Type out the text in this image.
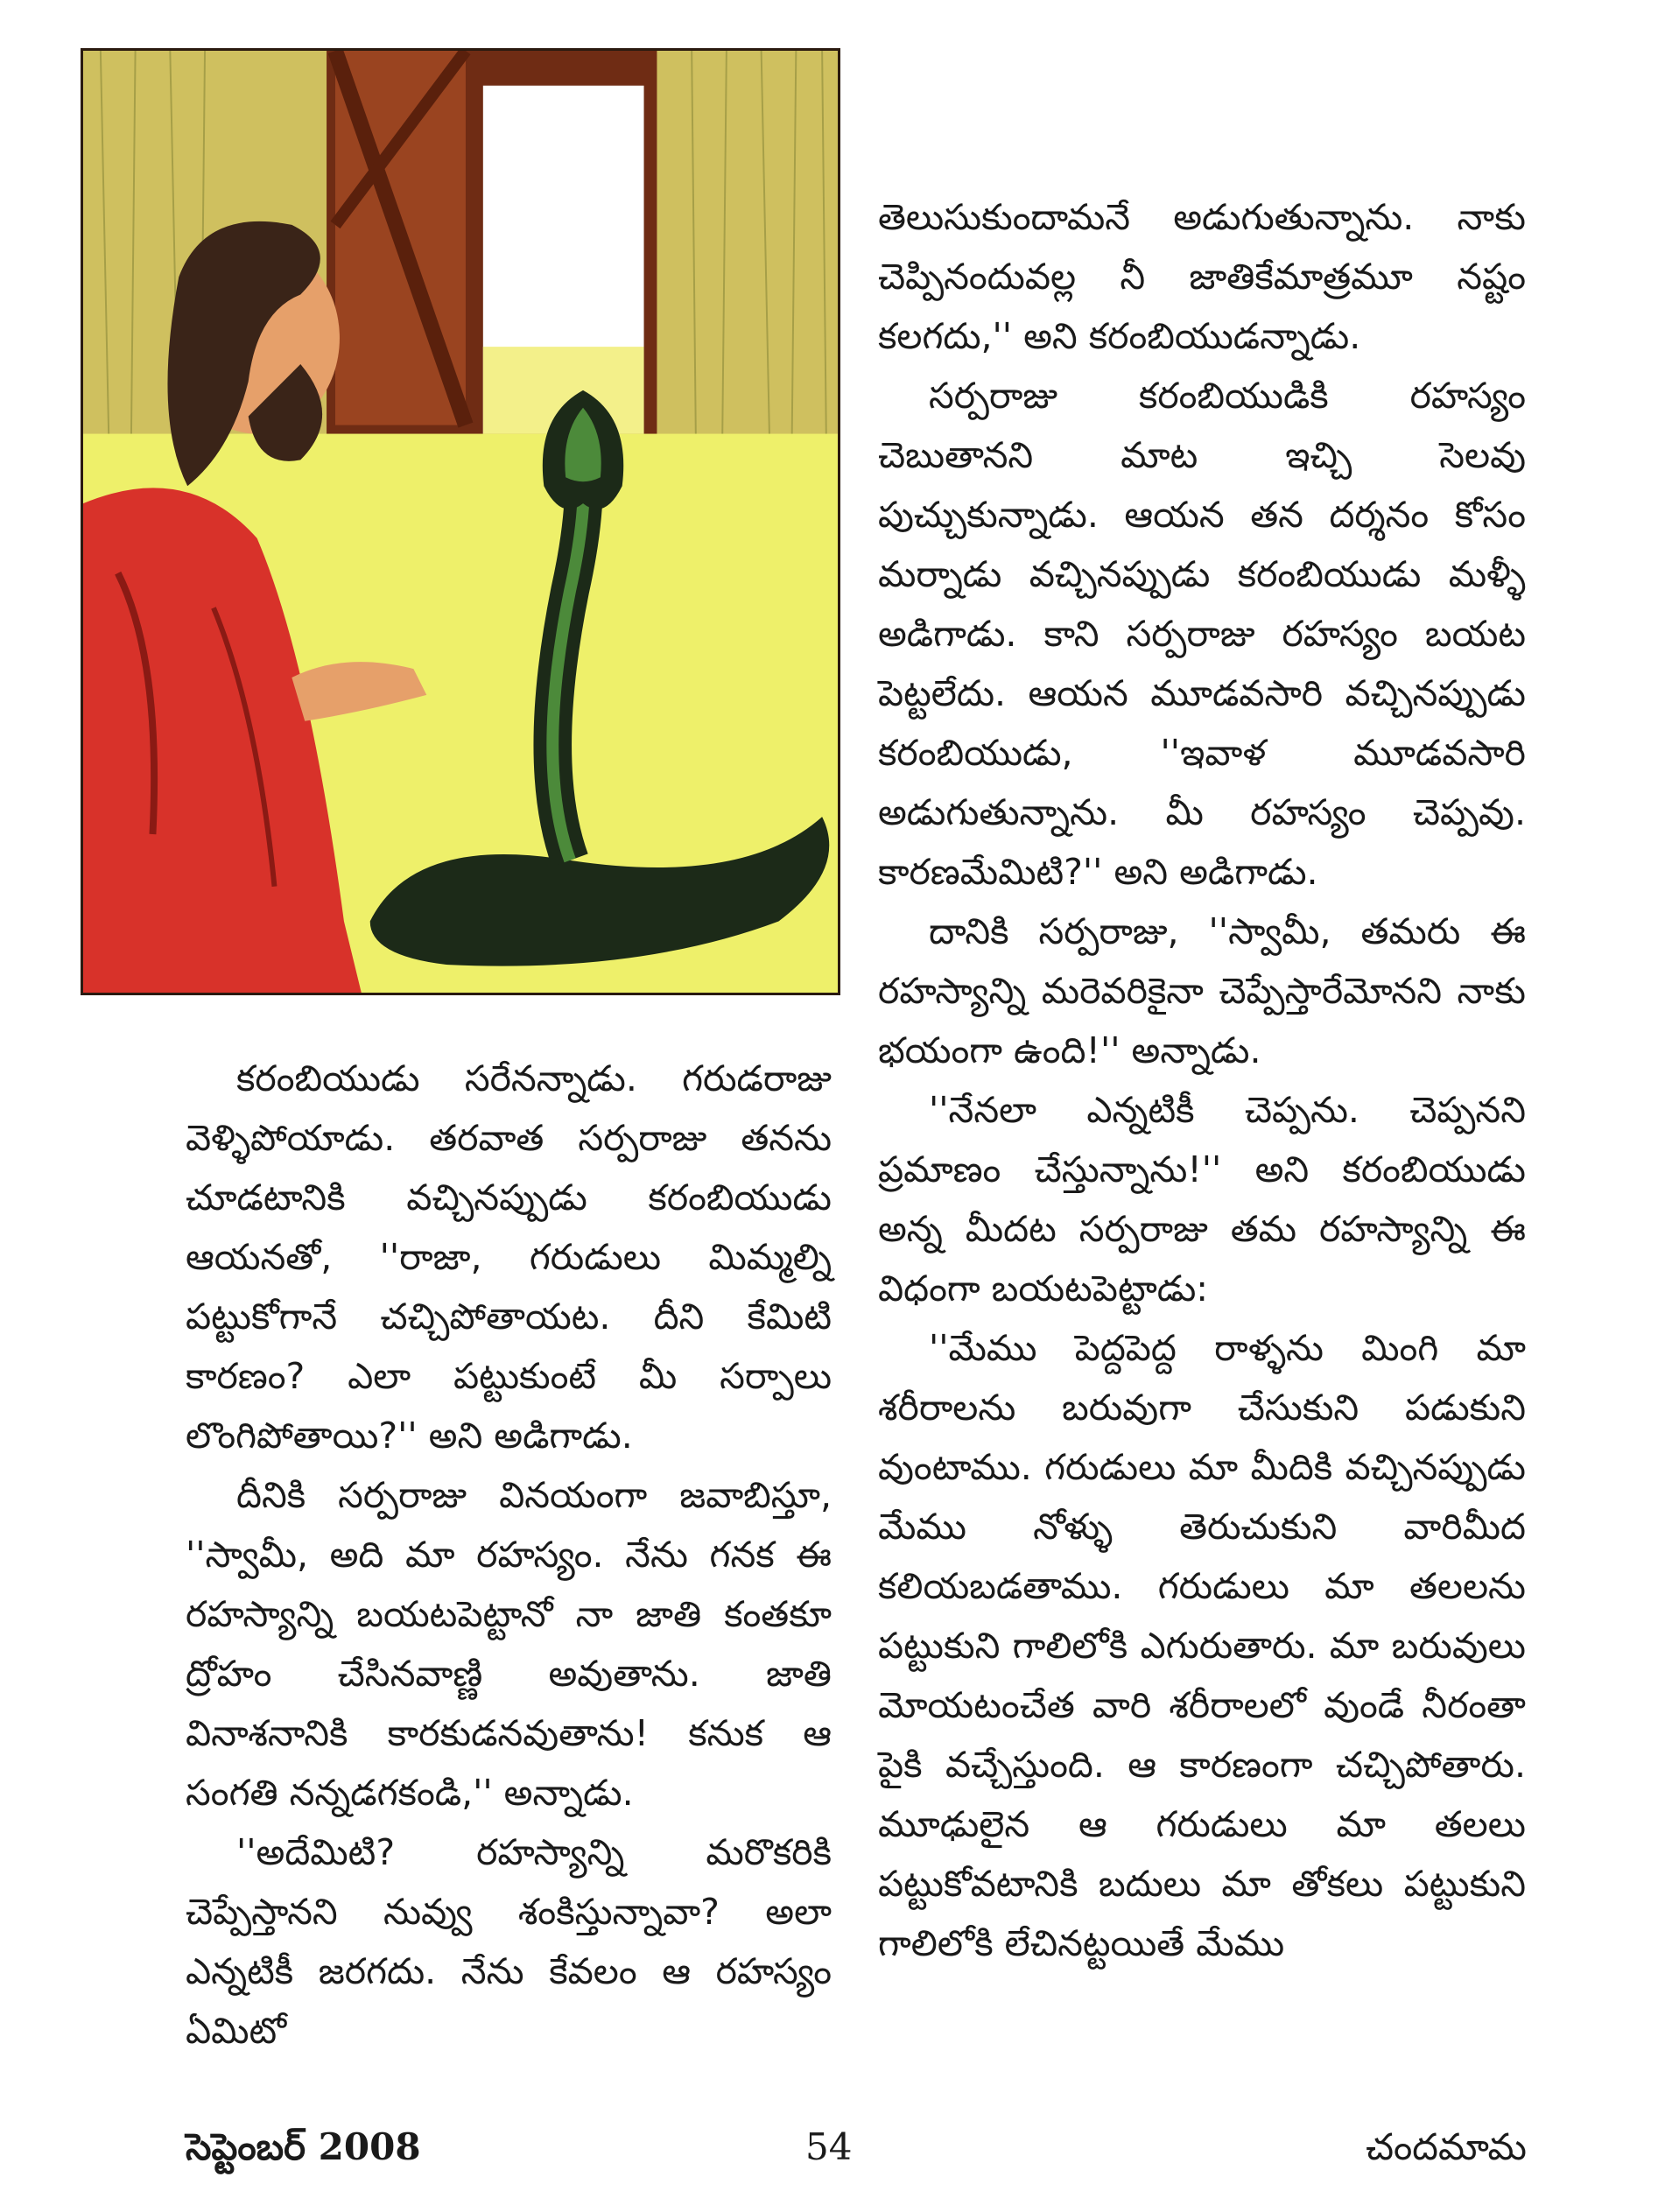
తెలుసుకుందామనే అడుగుతున్నాను. నాకు చెప్పినందువల్ల నీ జాతికేమాత్రమూ నష్టం కలగదు,'' అని కరంబియుడన్నాడు.

సర్పరాజు కరంబియుడికి రహస్యం చెబుతానని మాట ఇచ్చి సెలవు పుచ్చుకున్నాడు. ఆయన తన దర్శనం కోసం మర్నాడు వచ్చినప్పుడు కరంబియుడు మళ్ళీ అడిగాడు. కాని సర్పరాజు రహస్యం బయట పెట్టలేదు. ఆయన మూడవసారి వచ్చినప్పుడు కరంబియుడు, ''ఇవాళ మూడవసారి అడుగుతున్నాను. మీ రహస్యం చెప్పవు. కారణమేమిటి?'' అని అడిగాడు.

దానికి సర్పరాజు, ''స్వామీ, తమరు ఈ రహస్యాన్ని మరెవరికైనా చెప్పేస్తారేమోనని నాకు భయంగా ఉంది!'' అన్నాడు.

''నేనలా ఎన్నటికీ చెప్పను. చెప్పనని ప్రమాణం చేస్తున్నాను!'' అని కరంబియుడు అన్న మీదట సర్పరాజు తమ రహస్యాన్ని ఈ విధంగా బయటపెట్టాడు:

''మేము పెద్దపెద్ద రాళ్ళను మింగి మా శరీరాలను బరువుగా చేసుకుని పడుకుని వుంటాము. గరుడులు మా మీదికి వచ్చినప్పుడు మేము నోళ్ళు తెరుచుకుని వారిమీద కలియబడతాము. గరుడులు మా తలలను పట్టుకుని గాలిలోకి ఎగురుతారు. మా బరువులు మోయటంచేత వారి శరీరాలలో వుండే నీరంతా పైకి వచ్చేస్తుంది. ఆ కారణంగా చచ్చిపోతారు. మూఢులైన ఆ గరుడులు మా తలలు పట్టుకోవటానికి బదులు మా తోకలు పట్టుకుని గాలిలోకి లేచినట్టయితే మేము

కరంబియుడు సరేనన్నాడు. గరుడరాజు వెళ్ళిపోయాడు. తరవాత సర్పరాజు తనను చూడటానికి వచ్చినప్పుడు కరంబియుడు ఆయనతో, ''రాజా, గరుడులు మిమ్మల్ని పట్టుకోగానే చచ్చిపోతాయట. దీని కేమిటి కారణం? ఎలా పట్టుకుంటే మీ సర్పాలు లొంగిపోతాయి?'' అని అడిగాడు.

దీనికి సర్పరాజు వినయంగా జవాబిస్తూ, ''స్వామీ, అది మా రహస్యం. నేను గనక ఈ రహస్యాన్ని బయటపెట్టానో నా జాతి కంతకూ ద్రోహం చేసినవాణ్ణి అవుతాను. జాతి వినాశనానికి కారకుడనవుతాను! కనుక ఆ సంగతి నన్నడగకండి,'' అన్నాడు.

''అదేమిటి? రహస్యాన్ని మరొకరికి చెప్పేస్తానని నువ్వు శంకిస్తున్నావా? అలా ఎన్నటికీ జరగదు. నేను కేవలం ఆ రహస్యం ఏమిటో

సెప్టెంబర్ 2008	54	చందమామ
